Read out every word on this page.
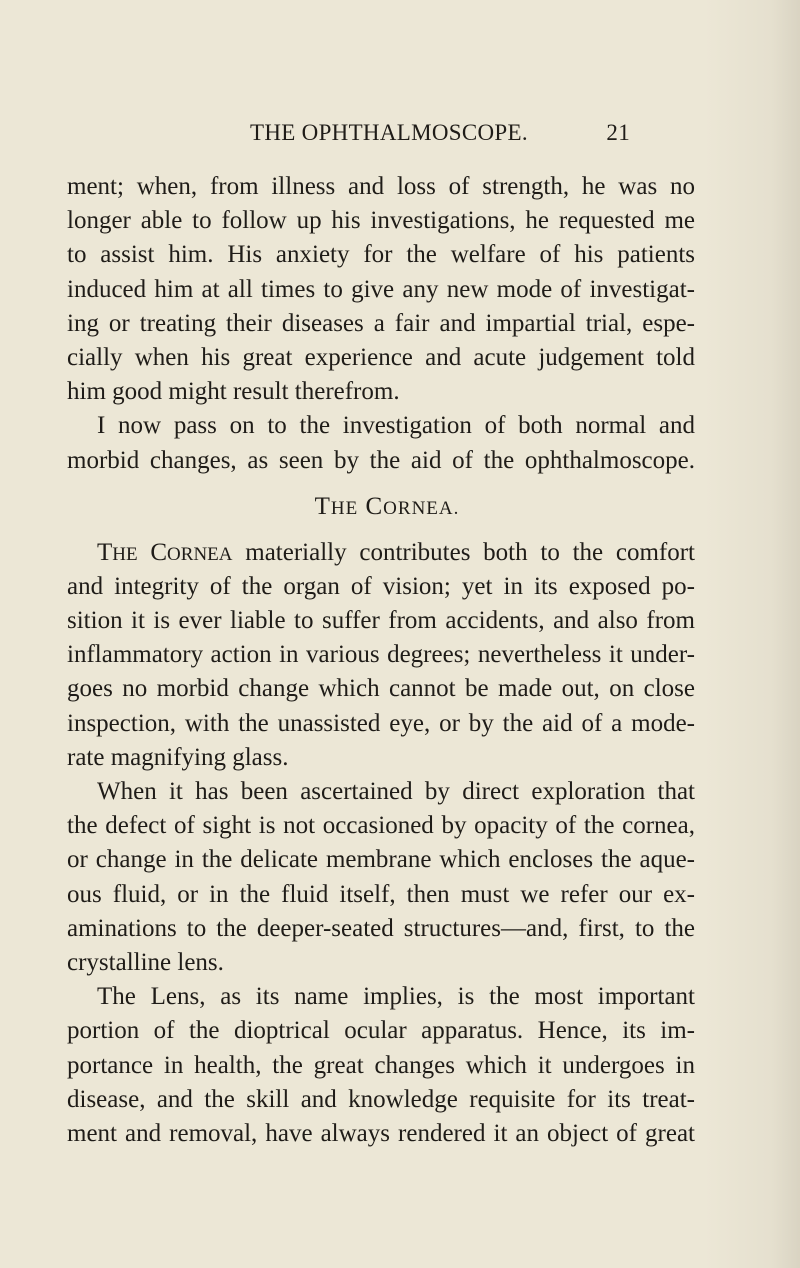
THE OPHTHALMOSCOPE.	21
ment; when, from illness and loss of strength, he was no
longer able to follow up his investigations, he requested me
to assist him. His anxiety for the welfare of his patients
induced him at all times to give any new mode of investigat-
ing or treating their diseases a fair and impartial trial, espe-
cially when his great experience and acute judgement told
him good might result therefrom.
I now pass on to the investigation of both normal and
morbid changes, as seen by the aid of the ophthalmoscope.
THE CORNEA.
THE CORNEA materially contributes both to the comfort
and integrity of the organ of vision; yet in its exposed po-
sition it is ever liable to suffer from accidents, and also from
inflammatory action in various degrees; nevertheless it under-
goes no morbid change which cannot be made out, on close
inspection, with the unassisted eye, or by the aid of a mode-
rate magnifying glass.
When it has been ascertained by direct exploration that
the defect of sight is not occasioned by opacity of the cornea,
or change in the delicate membrane which encloses the aque-
ous fluid, or in the fluid itself, then must we refer our ex-
aminations to the deeper-seated structures—and, first, to the
crystalline lens.
The Lens, as its name implies, is the most important
portion of the dioptrical ocular apparatus. Hence, its im-
portance in health, the great changes which it undergoes in
disease, and the skill and knowledge requisite for its treat-
ment and removal, have always rendered it an object of great
